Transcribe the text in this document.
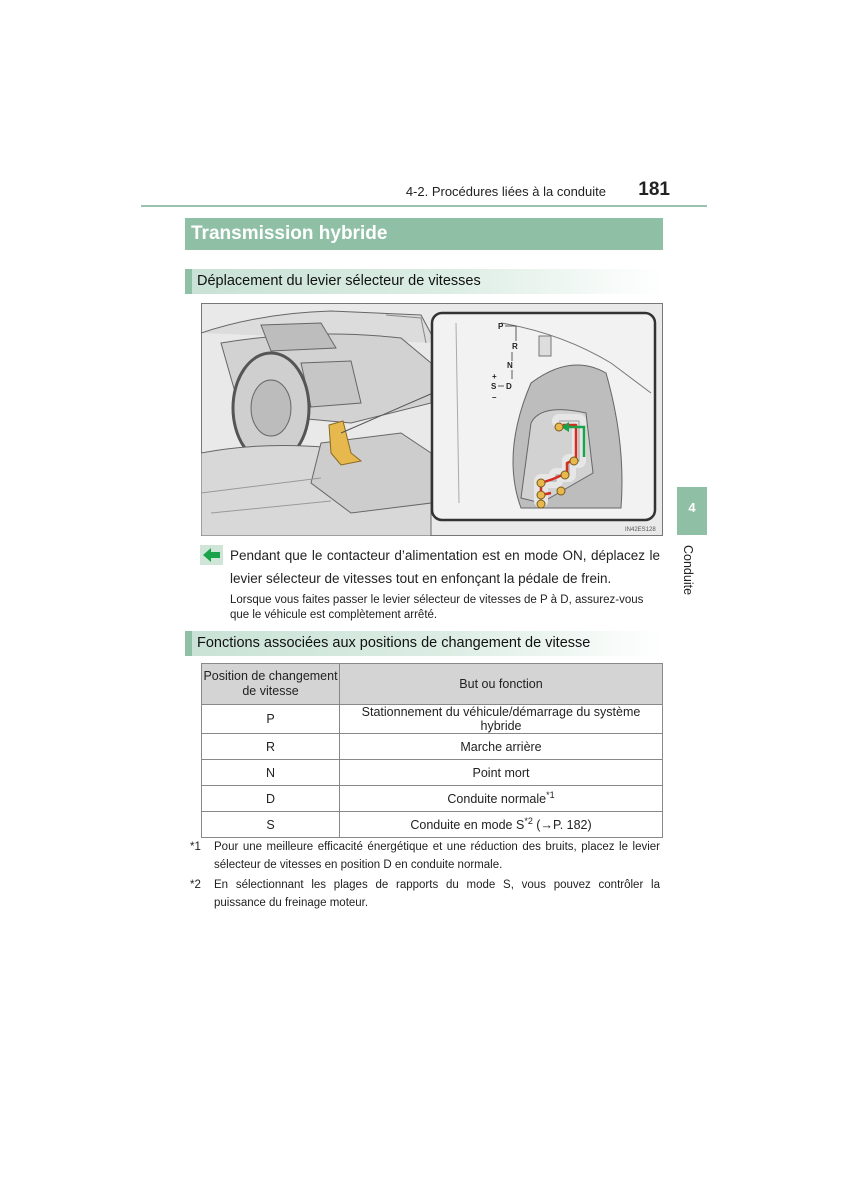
4-2. Procédures liées à la conduite	181
Transmission hybride
Déplacement du levier sélecteur de vitesses
P
R
N
+
S
–
D
IN42ES128
Pendant que le contacteur d’alimentation est en mode ON, déplacez le levier sélecteur de vitesses tout en enfonçant la pédale de frein.
Lorsque vous faites passer le levier sélecteur de vitesses de P à D, assurez-vous que le véhicule est complètement arrêté.
Fonctions associées aux positions de changement de vitesse
Position de changement de vitesse	But ou fonction
P	Stationnement du véhicule/démarrage du système hybride
R	Marche arrière
N	Point mort
D	Conduite normale$^{*1}$
S	Conduite en mode $S^{*2}$ (→P. 182)
*1	Pour une meilleure efficacité énergétique et une réduction des bruits, placez le levier sélecteur de vitesses en position D en conduite normale.
*2	En sélectionnant les plages de rapports du mode S, vous pouvez contrôler la puissance du freinage moteur.
4
Conduite
